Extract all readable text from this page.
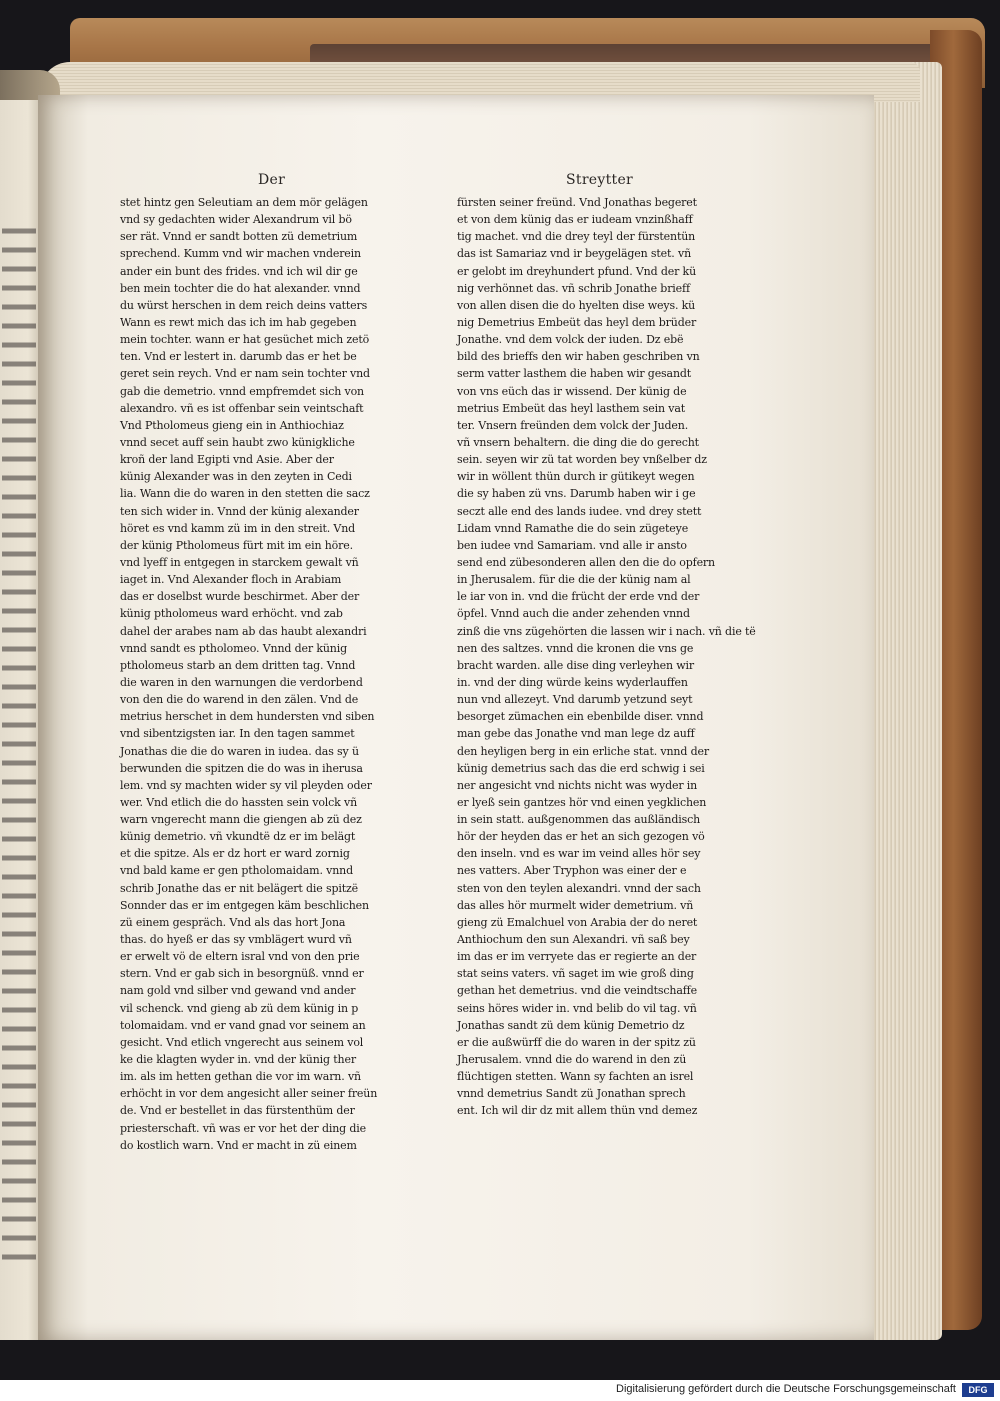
Der	Streytter
stet hintz gen Seleutiam an dem mör gelägen
vnd sy gedachten wider Alexandrum vil bö
ser rät. Vnnd er sandt botten zü demetrium
sprechend. Kumm vnd wir machen vnderein
ander ein bunt des frides. vnd ich wil dir ge
ben mein tochter die do hat alexander. vnnd
du würst herschen in dem reich deins vatters
Wann es rewt mich das ich im hab gegeben
mein tochter. wann er hat gesüchet mich zetö
ten. Vnd er lestert in. darumb das er het be
geret sein reych. Vnd er nam sein tochter vnd
gab die demetrio. vnnd empfremdet sich von
alexandro. vñ es ist offenbar sein veintschaft
Vnd Ptholomeus gieng ein in Anthiochiaz
vnnd secet auff sein haubt zwo künigkliche
kroñ der land Egipti vnd Asie. Aber der
künig Alexander was in den zeyten in Cedi
lia. Wann die do waren in den stetten die sacz
ten sich wider in. Vnnd der künig alexander
höret es vnd kamm zü im in den streit. Vnd
der künig Ptholomeus fürt mit im ein höre.
vnd lyeff in entgegen in starckem gewalt vñ
iaget in. Vnd Alexander floch in Arabiam
das er doselbst wurde beschirmet. Aber der
künig ptholomeus ward erhöcht. vnd zab
dahel der arabes nam ab das haubt alexandri
vnnd sandt es ptholomeo. Vnnd der künig
ptholomeus starb an dem dritten tag. Vnnd
die waren in den warnungen die verdorbend
von den die do warend in den zälen. Vnd de
metrius herschet in dem hundersten vnd siben
vnd sibentzigsten iar. In den tagen sammet
Jonathas die die do waren in iudea. das sy ü
berwunden die spitzen die do was in iherusa
lem. vnd sy machten wider sy vil pleyden oder
wer. Vnd etlich die do hassten sein volck vñ
warn vngerecht mann die giengen ab zü dez
künig demetrio. vñ vkundtë dz er im belägt
et die spitze. Als er dz hort er ward zornig
vnd bald kame er gen ptholomaidam. vnnd
schrib Jonathe das er nit belägert die spitzë
Sonnder das er im entgegen käm beschlichen
zü einem gespräch. Vnd als das hort Jona
thas. do hyeß er das sy vmblägert wurd vñ
er erwelt vö de eltern isral vnd von den prie
stern. Vnd er gab sich in besorgnüß. vnnd er
nam gold vnd silber vnd gewand vnd ander
vil schenck. vnd gieng ab zü dem künig in p
tolomaidam. vnd er vand gnad vor seinem an
gesicht. Vnd etlich vngerecht aus seinem vol
ke die klagten wyder in. vnd der künig ther
im. als im hetten gethan die vor im warn. vñ
erhöcht in vor dem angesicht aller seiner freün
de. Vnd er bestellet in das fürstenthüm der
priesterschaft. vñ was er vor het der ding die
do kostlich warn. Vnd er macht in zü einem
fürsten seiner freünd. Vnd Jonathas begeret
et von dem künig das er iudeam vnzinßhaff
tig machet. vnd die drey teyl der fürstentün
das ist Samariaz vnd ir beygelägen stet. vñ
er gelobt im dreyhundert pfund. Vnd der kü
nig verhönnet das. vñ schrib Jonathe brieff
von allen disen die do hyelten dise weys. kü
nig Demetrius Embeüt das heyl dem brüder
Jonathe. vnd dem volck der iuden. Dz ebë
bild des brieffs den wir haben geschriben vn
serm vatter lasthem die haben wir gesandt
von vns eüch das ir wissend. Der künig de
metrius Embeüt das heyl lasthem sein vat
ter. Vnsern freünden dem volck der Juden.
vñ vnsern behaltern. die ding die do gerecht
sein. seyen wir zü tat worden bey vnßelber dz
wir in wöllent thün durch ir gütikeyt wegen
die sy haben zü vns. Darumb haben wir i ge
seczt alle end des lands iudee. vnd drey stett
Lidam vnnd Ramathe die do sein zügeteye
ben iudee vnd Samariam. vnd alle ir ansto
send end zübesonderen allen den die do opfern
in Jherusalem. für die die der künig nam al
le iar von in. vnd die frücht der erde vnd der
öpfel. Vnnd auch die ander zehenden vnnd
zinß die vns zügehörten die lassen wir i nach. vñ die të
nen des saltzes. vnnd die kronen die vns ge
bracht warden. alle dise ding verleyhen wir
in. vnd der ding würde keins wyderlauffen
nun vnd allezeyt. Vnd darumb yetzund seyt
besorget zümachen ein ebenbilde diser. vnnd
man gebe das Jonathe vnd man lege dz auff
den heyligen berg in ein erliche stat. vnnd der
künig demetrius sach das die erd schwig i sei
ner angesicht vnd nichts nicht was wyder in
er lyeß sein gantzes hör vnd einen yegklichen
in sein statt. außgenommen das außländisch
hör der heyden das er het an sich gezogen vö
den inseln. vnd es war im veind alles hör sey
nes vatters. Aber Tryphon was einer der e
sten von den teylen alexandri. vnnd der sach
das alles hör murmelt wider demetrium. vñ
gieng zü Emalchuel von Arabia der do neret
Anthiochum den sun Alexandri. vñ saß bey
im das er im verryete das er regierte an der
stat seins vaters. vñ saget im wie groß ding
gethan het demetrius. vnd die veindtschaffe
seins höres wider in. vnd belib do vil tag. vñ
Jonathas sandt zü dem künig Demetrio dz
er die außwürff die do waren in der spitz zü
Jherusalem. vnnd die do warend in den zü
flüchtigen stetten. Wann sy fachten an isrel
vnnd demetrius Sandt zü Jonathan sprech
ent. Ich wil dir dz mit allem thün vnd demez
Digitalisierung gefördert durch die Deutsche Forschungsgemeinschaft	DFG
